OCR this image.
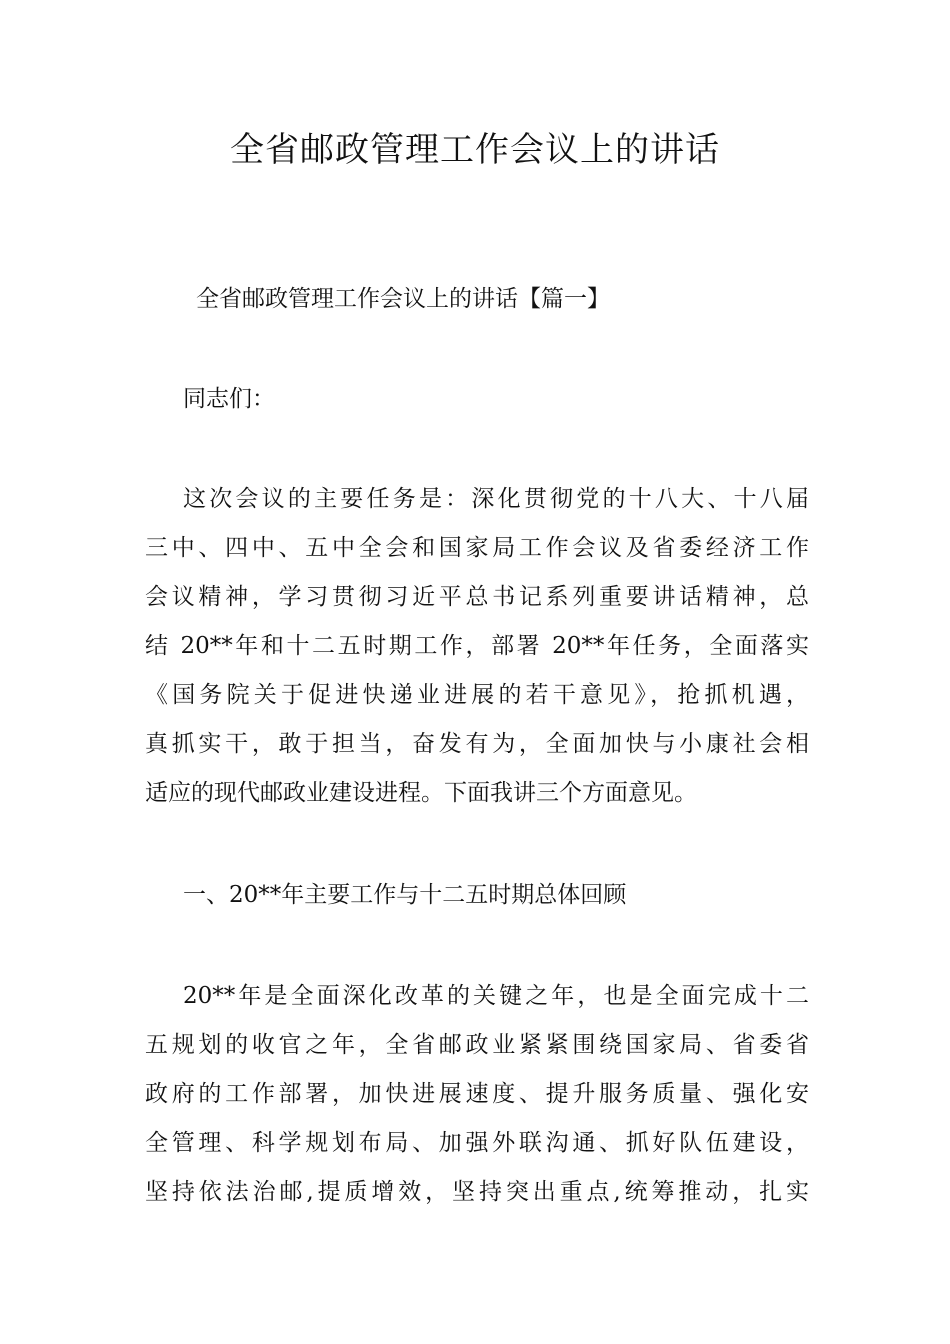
全省邮政管理工作会议上的讲话

全省邮政管理工作会议上的讲话【篇一】

同志们：

这次会议的主要任务是：深化贯彻党的十八大、十八届
三中、四中、五中全会和国家局工作会议及省委经济工作
会议精神，学习贯彻习近平总书记系列重要讲话精神，总
结 20**年和十二五时期工作，部署 20**年任务，全面落实
《国务院关于促进快递业进展的若干意见》，抢抓机遇，
真抓实干，敢于担当，奋发有为，全面加快与小康社会相
适应的现代邮政业建设进程。下面我讲三个方面意见。

一、20**年主要工作与十二五时期总体回顾

20**年是全面深化改革的关键之年，也是全面完成十二
五规划的收官之年，全省邮政业紧紧围绕国家局、省委省
政府的工作部署，加快进展速度、提升服务质量、强化安
全管理、科学规划布局、加强外联沟通、抓好队伍建设，
坚持依法治邮,提质增效，坚持突出重点,统筹推动，扎实
